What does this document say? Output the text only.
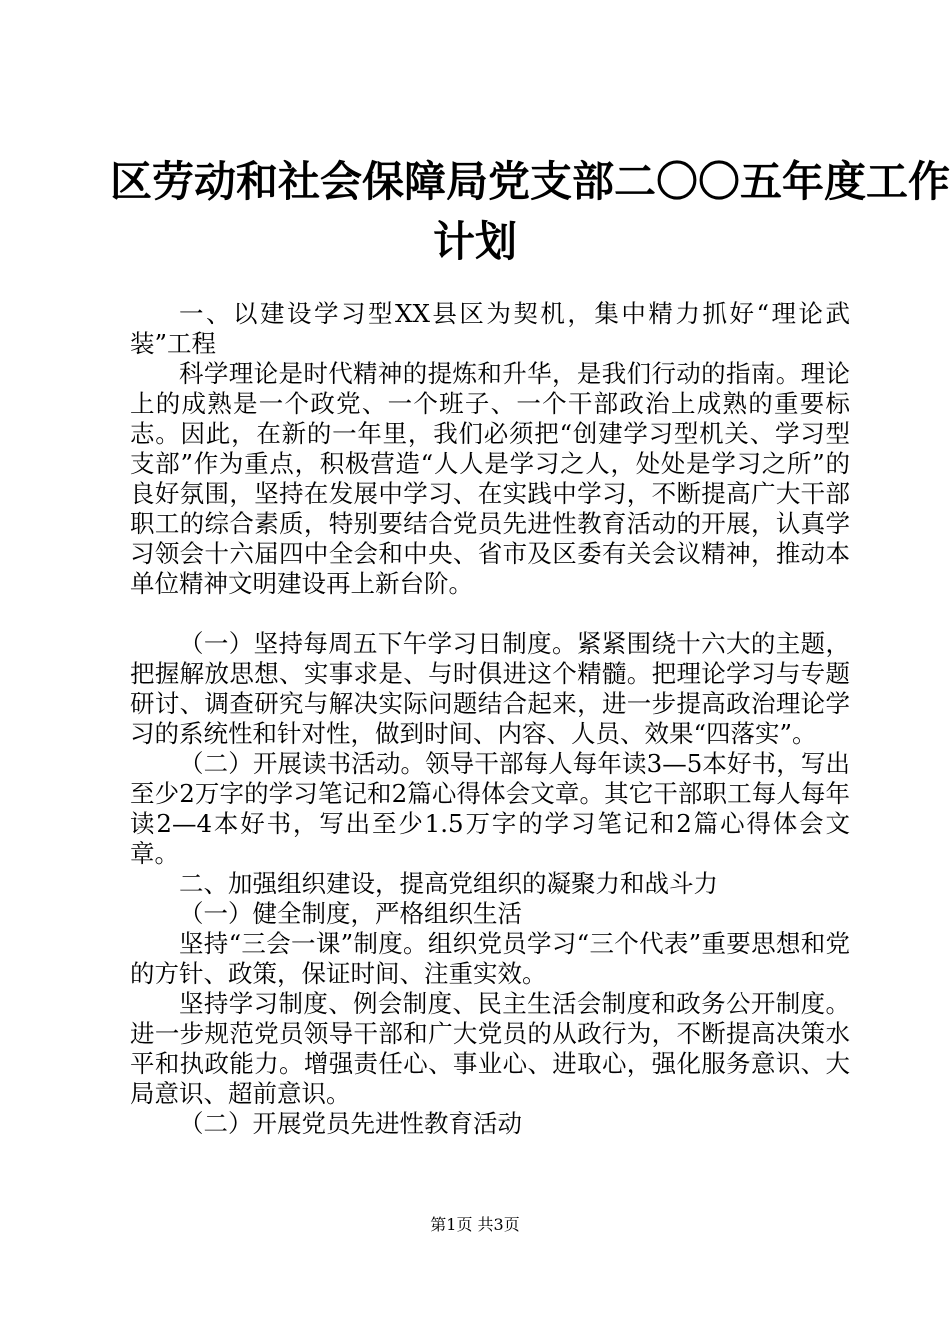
区劳动和社会保障局党支部二〇〇五年度工作
计划

一、以建设学习型XX县区为契机，集中精力抓好“理论武装”工程

科学理论是时代精神的提炼和升华，是我们行动的指南。理论上的成熟是一个政党、一个班子、一个干部政治上成熟的重要标志。因此，在新的一年里，我们必须把“创建学习型机关、学习型支部”作为重点，积极营造“人人是学习之人，处处是学习之所”的良好氛围，坚持在发展中学习、在实践中学习，不断提高广大干部职工的综合素质，特别要结合党员先进性教育活动的开展，认真学习领会十六届四中全会和中央、省市及区委有关会议精神，推动本单位精神文明建设再上新台阶。

（一）坚持每周五下午学习日制度。紧紧围绕十六大的主题，把握解放思想、实事求是、与时俱进这个精髓。把理论学习与专题研讨、调查研究与解决实际问题结合起来，进一步提高政治理论学习的系统性和针对性，做到时间、内容、人员、效果“四落实”。

（二）开展读书活动。领导干部每人每年读3—5本好书，写出至少2万字的学习笔记和2篇心得体会文章。其它干部职工每人每年读2—4本好书，写出至少1.5万字的学习笔记和2篇心得体会文章。

二、加强组织建设，提高党组织的凝聚力和战斗力

（一）健全制度，严格组织生活

坚持“三会一课”制度。组织党员学习“三个代表”重要思想和党的方针、政策，保证时间、注重实效。

坚持学习制度、例会制度、民主生活会制度和政务公开制度。进一步规范党员领导干部和广大党员的从政行为，不断提高决策水平和执政能力。增强责任心、事业心、进取心，强化服务意识、大局意识、超前意识。

（二）开展党员先进性教育活动

第1页 共3页
